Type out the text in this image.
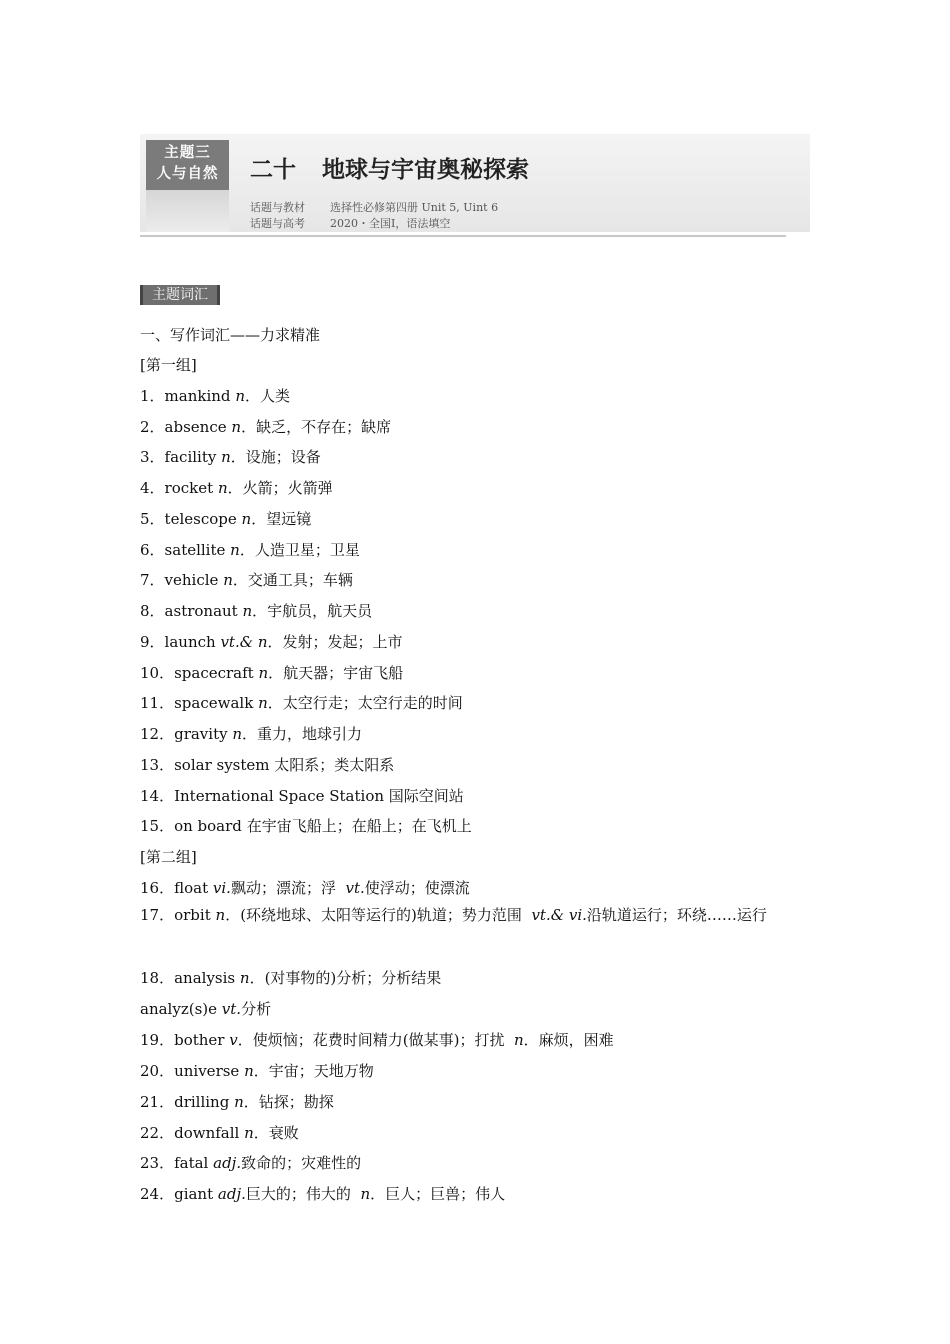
主题三
人与自然	二十 地球与宇宙奥秘探索
话题与教材 选择性必修第四册 Unit 5, Uint 6
话题与高考 2020・全国Ⅰ，语法填空
主题词汇
一、写作词汇——力求精准
[第一组]
1．mankind n．人类
2．absence n．缺乏，不存在；缺席
3．facility n．设施；设备
4．rocket n．火箭；火箭弹
5．telescope n．望远镜
6．satellite n．人造卫星；卫星
7．vehicle n．交通工具；车辆
8．astronaut n．宇航员，航天员
9．launch vt.& n．发射；发起；上市
10．spacecraft n．航天器；宇宙飞船
11．spacewalk n．太空行走；太空行走的时间
12．gravity n．重力，地球引力
13．solar system 太阳系；类太阳系
14．International Space Station 国际空间站
15．on board 在宇宙飞船上；在船上；在飞机上
[第二组]
16．float vi.飘动；漂流；浮 vt.使浮动；使漂流
17．orbit n．(环绕地球、太阳等运行的)轨道；势力范围 vt.& vi.沿轨道运行；环绕……运行
18．analysis n．(对事物的)分析；分析结果
analyz(s)e vt.分析
19．bother v．使烦恼；花费时间精力(做某事)；打扰 n．麻烦，困难
20．universe n．宇宙；天地万物
21．drilling n．钻探；勘探
22．downfall n．衰败
23．fatal adj.致命的；灾难性的
24．giant adj.巨大的；伟大的 n．巨人；巨兽；伟人
